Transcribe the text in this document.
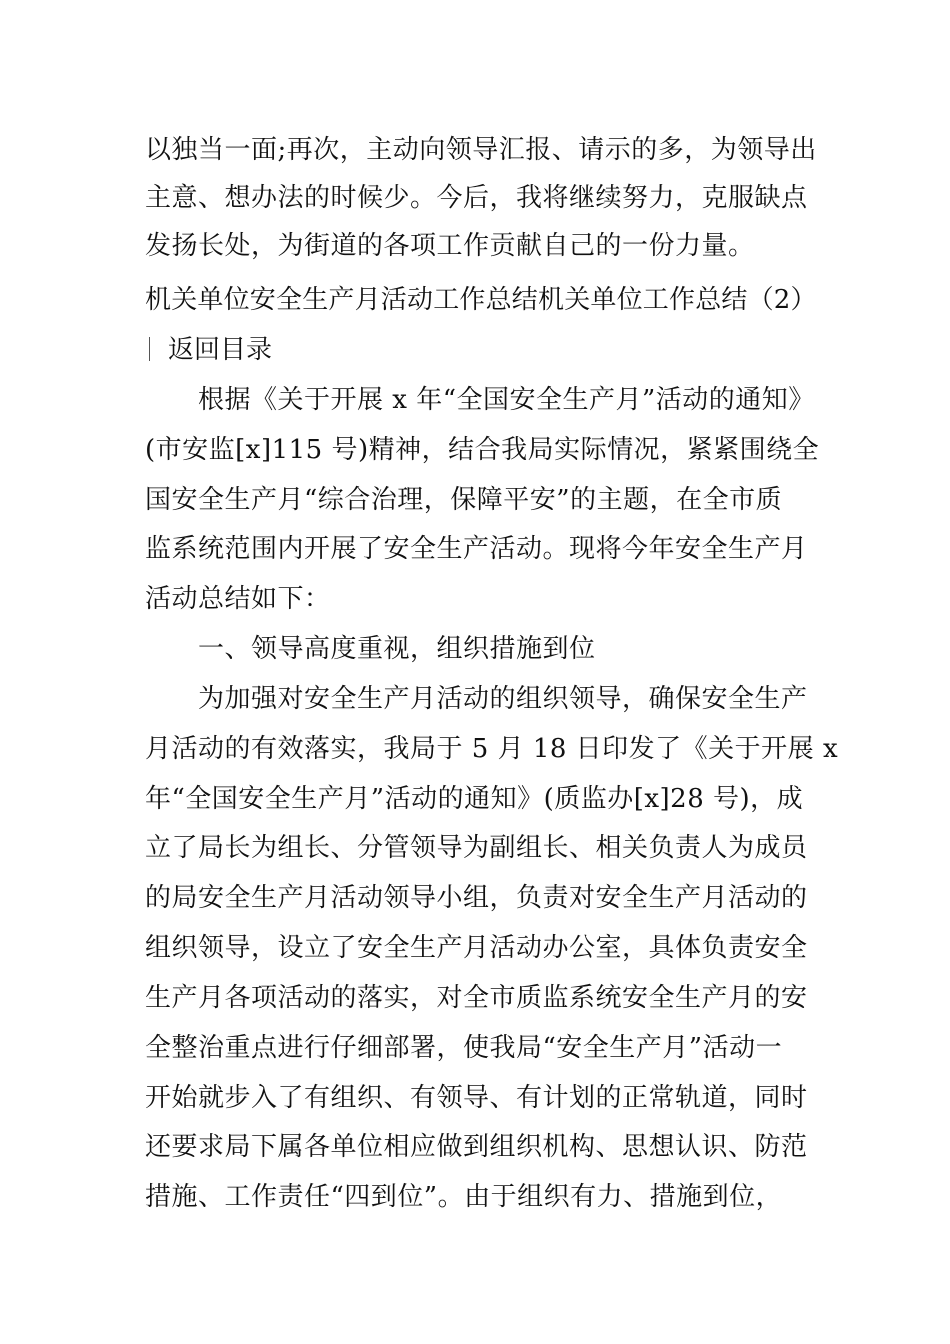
以独当一面;再次，主动向领导汇报、请示的多，为领导出
主意、想办法的时候少。今后，我将继续努力，克服缺点
发扬长处，为街道的各项工作贡献自己的一份力量。
机关单位安全生产月活动工作总结机关单位工作总结（2）
返回目录
根据《关于开展 x 年“全国安全生产月”活动的通知》
(市安监[x]115 号)精神，结合我局实际情况，紧紧围绕全
国安全生产月“综合治理，保障平安”的主题，在全市质
监系统范围内开展了安全生产活动。现将今年安全生产月
活动总结如下：
一、领导高度重视，组织措施到位
为加强对安全生产月活动的组织领导，确保安全生产
月活动的有效落实，我局于 5 月 18 日印发了《关于开展 x
年“全国安全生产月”活动的通知》(质监办[x]28 号)，成
立了局长为组长、分管领导为副组长、相关负责人为成员
的局安全生产月活动领导小组，负责对安全生产月活动的
组织领导，设立了安全生产月活动办公室，具体负责安全
生产月各项活动的落实，对全市质监系统安全生产月的安
全整治重点进行仔细部署，使我局“安全生产月”活动一
开始就步入了有组织、有领导、有计划的正常轨道，同时
还要求局下属各单位相应做到组织机构、思想认识、防范
措施、工作责任“四到位”。由于组织有力、措施到位，
